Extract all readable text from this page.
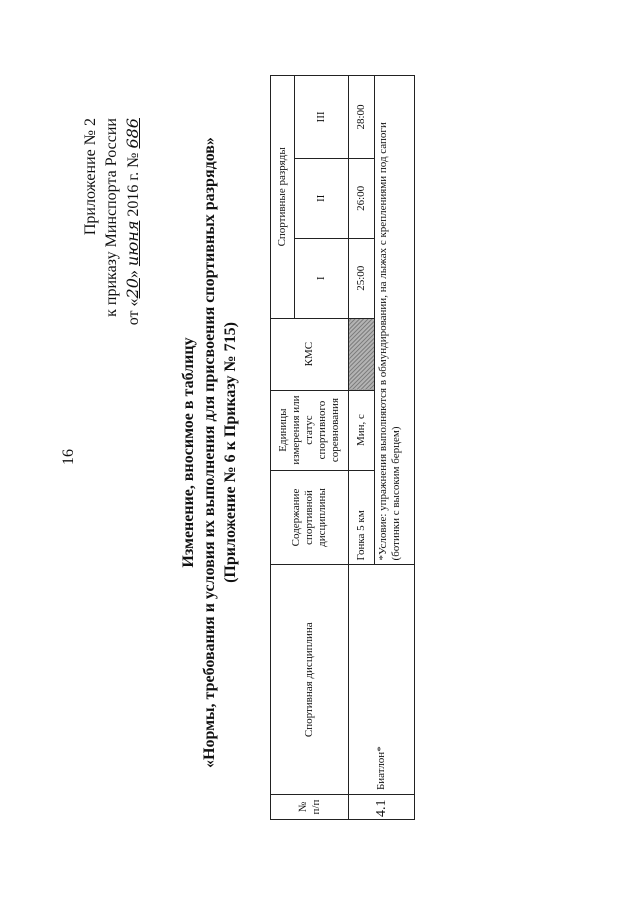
16
Приложение № 2 к приказу Минспорта России от «20» июня 2016 г. № 686
Изменение, вносимое в таблицу «Нормы, требования и условия их выполнения для присвоения спортивных разрядов» (Приложение № 6 к Приказу № 715)
№ п/п	Спортивная дисциплина	Содержание спортивной дисциплины	Единицы измерения или статус спортивного соревнования	КМС	Спортивные разряды		
					I	II	III
4.1	Биатлон*	Гонка 5 км	Мин, с		25:00	26:00	28:00
		*Условие: упражнения выполняются в обмундировании, на лыжах с креплениями под сапоги (ботинки с высоким берцем)					
